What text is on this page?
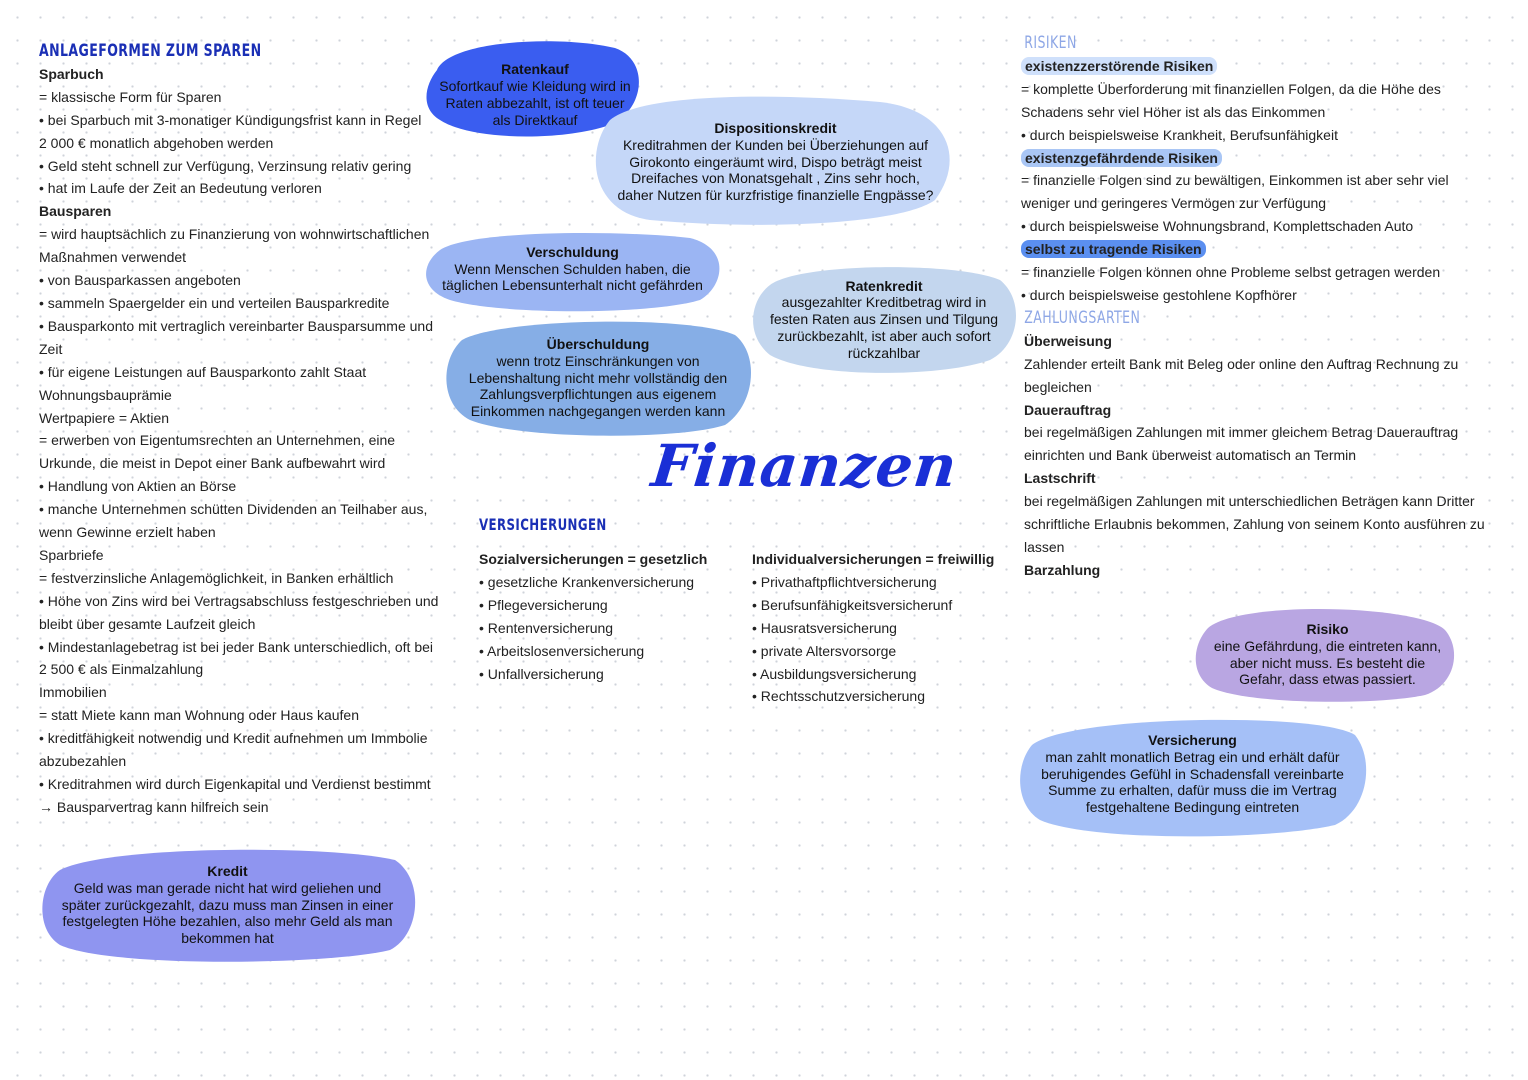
ANLAGEFORMEN ZUM SPAREN

Sparbuch

= klassische Form für Sparen

• bei Sparbuch mit 3-monatiger Kündigungsfrist kann in Regel

2 000 € monatlich abgehoben werden

• Geld steht schnell zur Verfügung, Verzinsung relativ gering

• hat im Laufe der Zeit an Bedeutung verloren

Bausparen

= wird hauptsächlich zu Finanzierung von wohnwirtschaftlichen

Maßnahmen verwendet

• von Bausparkassen angeboten

• sammeln Spaergelder ein und verteilen Bausparkredite

• Bausparkonto mit vertraglich vereinbarter Bausparsumme und

Zeit

• für eigene Leistungen auf Bausparkonto zahlt Staat

Wohnungsbauprämie

Wertpapiere = Aktien

= erwerben von Eigentumsrechten an Unternehmen, eine

Urkunde, die meist in Depot einer Bank aufbewahrt wird

• Handlung von Aktien an Börse

• manche Unternehmen schütten Dividenden an Teilhaber aus,

wenn Gewinne erzielt haben

Sparbriefe

= festverzinsliche Anlagemöglichkeit, in Banken erhältlich

• Höhe von Zins wird bei Vertragsabschluss festgeschrieben und

bleibt über gesamte Laufzeit gleich

• Mindestanlagebetrag ist bei jeder Bank unterschiedlich, oft bei

2 500 € als Einmalzahlung

Immobilien

= statt Miete kann man Wohnung oder Haus kaufen

• kreditfähigkeit notwendig und Kredit aufnehmen um Immbolie

abzubezahlen

• Kreditrahmen wird durch Eigenkapital und Verdienst bestimmt

→ Bausparvertrag kann hilfreich sein

Finanzen

VERSICHERUNGEN

Sozialversicherungen = gesetzlich

• gesetzliche Krankenversicherung

• Pflegeversicherung

• Rentenversicherung

• Arbeitslosenversicherung

• Unfallversicherung

Individualversicherungen = freiwillig

• Privathaftpflichtversicherung

• Berufsunfähigkeitsversicherunf

• Hausratsversicherung

• private Altersvorsorge

• Ausbildungsversicherung

• Rechtsschutzversicherung

RISIKEN

existenzzerstörende Risiken

= komplette Überforderung mit finanziellen Folgen, da die Höhe des

Schadens sehr viel Höher ist als das Einkommen

• durch beispielsweise Krankheit, Berufsunfähigkeit

existenzgefährdende Risiken

= finanzielle Folgen sind zu bewältigen, Einkommen ist aber sehr viel

weniger und geringeres Vermögen zur Verfügung

• durch beispielsweise Wohnungsbrand, Komplettschaden Auto

selbst zu tragende Risiken

= finanzielle Folgen können ohne Probleme selbst getragen werden

• durch beispielsweise gestohlene Kopfhörer

ZAHLUNGSARTEN

Überweisung

Zahlender erteilt Bank mit Beleg oder online den Auftrag Rechnung zu

begleichen

Dauerauftrag

bei regelmäßigen Zahlungen mit immer gleichem Betrag Dauerauftrag

einrichten und Bank überweist automatisch an Termin

Lastschrift

bei regelmäßigen Zahlungen mit unterschiedlichen Beträgen kann Dritter

schriftliche Erlaubnis bekommen, Zahlung von seinem Konto ausführen zu

lassen

Barzahlung

Ratenkauf
Sofortkauf wie Kleidung wird in
Raten abbezahlt, ist oft teuer
als Direktkauf
Dispositionskredit
Kreditrahmen der Kunden bei Überziehungen auf
Girokonto eingeräumt wird, Dispo beträgt meist
Dreifaches von Monatsgehalt , Zins sehr hoch,
daher Nutzen für kurzfristige finanzielle Engpässe?
Verschuldung
Wenn Menschen Schulden haben, die
täglichen Lebensunterhalt nicht gefährden	Ratenkredit
ausgezahlter Kreditbetrag wird in
festen Raten aus Zinsen und Tilgung
zurückbezahlt, ist aber auch sofort
rückzahlbar
Überschuldung
wenn trotz Einschränkungen von
Lebenshaltung nicht mehr vollständig den
Zahlungsverpflichtungen aus eigenem
Einkommen nachgegangen werden kann
Kredit
Geld was man gerade nicht hat wird geliehen und
später zurückgezahlt, dazu muss man Zinsen in einer
festgelegten Höhe bezahlen, also mehr Geld als man
bekommen hat
Risiko
eine Gefährdung, die eintreten kann,
aber nicht muss. Es besteht die
Gefahr, dass etwas passiert.
Versicherung
man zahlt monatlich Betrag ein und erhält dafür
beruhigendes Gefühl in Schadensfall vereinbarte
Summe zu erhalten, dafür muss die im Vertrag
festgehaltene Bedingung eintreten
